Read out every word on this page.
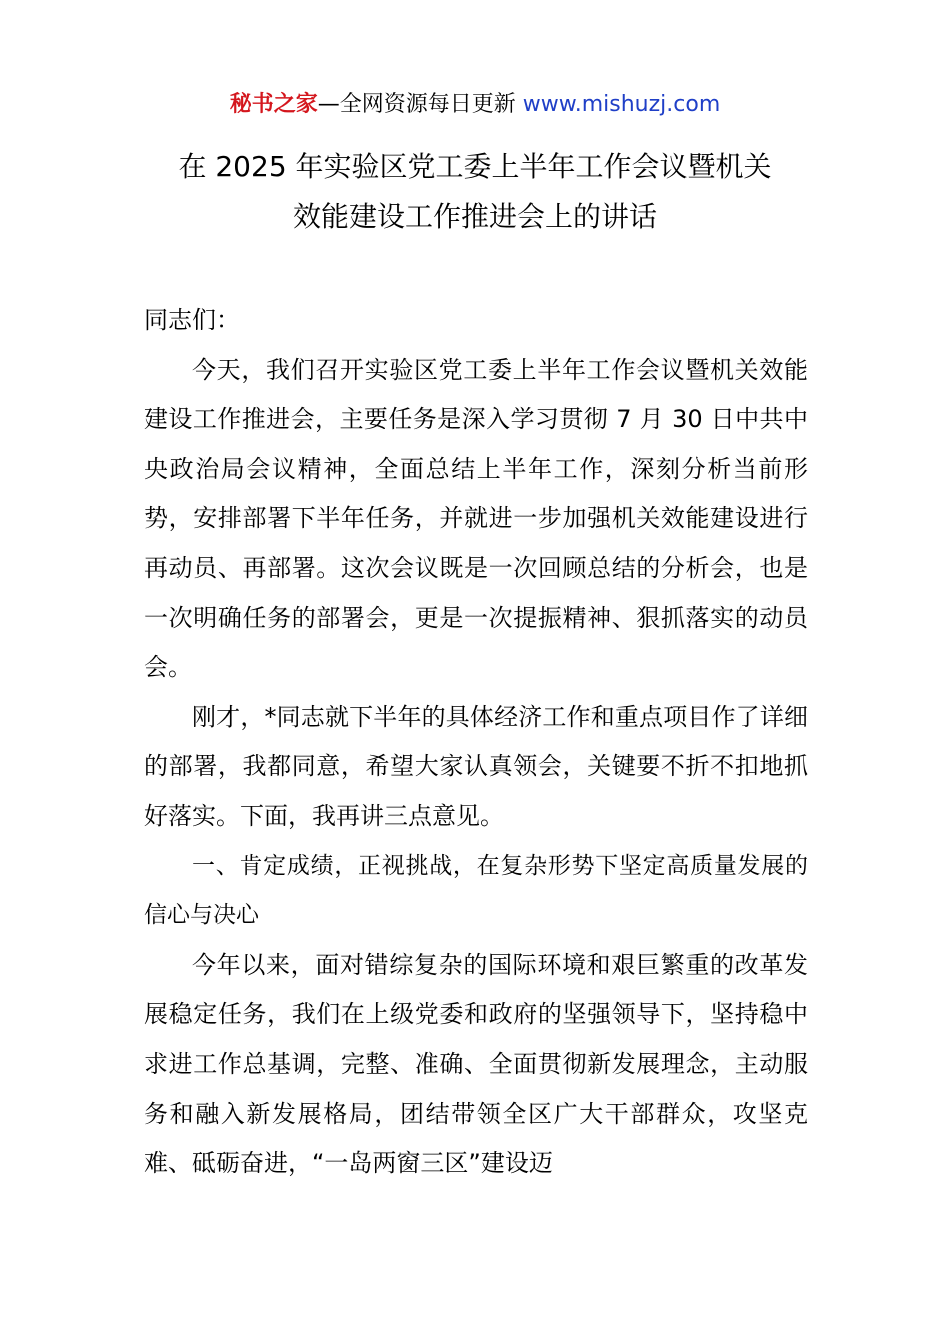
秘书之家—全网资源每日更新 www.mishuzj.com
在 2025 年实验区党工委上半年工作会议暨机关
效能建设工作推进会上的讲话

同志们：

今天，我们召开实验区党工委上半年工作会议暨机关效能建设工作推进会，主要任务是深入学习贯彻 7 月 30 日中共中央政治局会议精神，全面总结上半年工作，深刻分析当前形势，安排部署下半年任务，并就进一步加强机关效能建设进行再动员、再部署。这次会议既是一次回顾总结的分析会，也是一次明确任务的部署会，更是一次提振精神、狠抓落实的动员会。

刚才，*同志就下半年的具体经济工作和重点项目作了详细的部署，我都同意，希望大家认真领会，关键要不折不扣地抓好落实。下面，我再讲三点意见。

一、肯定成绩，正视挑战，在复杂形势下坚定高质量发展的信心与决心

今年以来，面对错综复杂的国际环境和艰巨繁重的改革发展稳定任务，我们在上级党委和政府的坚强领导下，坚持稳中求进工作总基调，完整、准确、全面贯彻新发展理念，主动服务和融入新发展格局，团结带领全区广大干部群众，攻坚克难、砥砺奋进，“一岛两窗三区”建设迈
